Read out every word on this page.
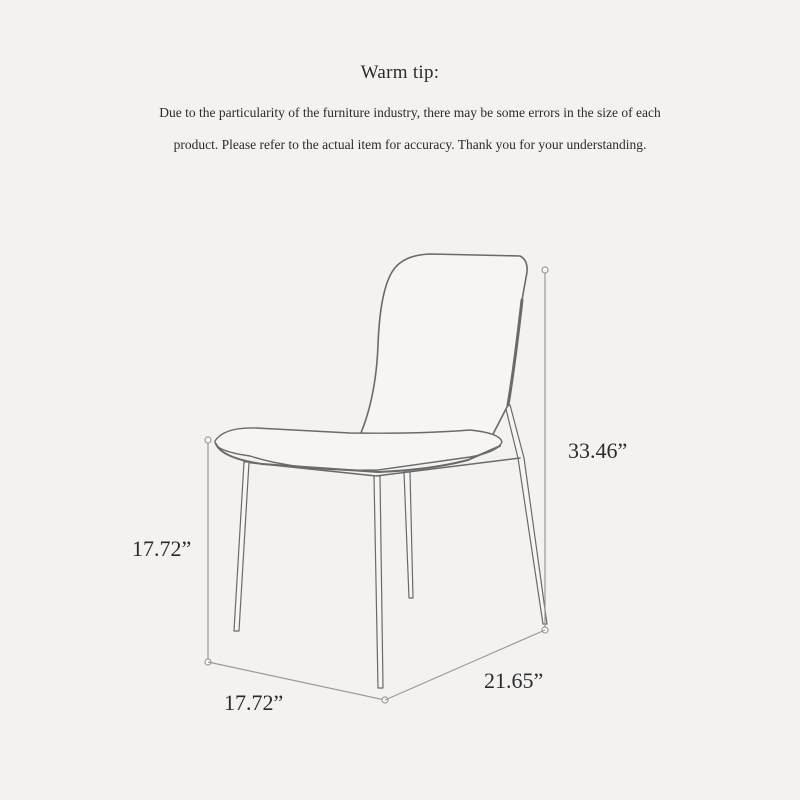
Warm tip:
Due to the particularity of the furniture industry, there may be some errors in the size of each
product. Please refer to the actual item for accuracy. Thank you for your understanding.
33.46”
17.72”
17.72”
21.65”
